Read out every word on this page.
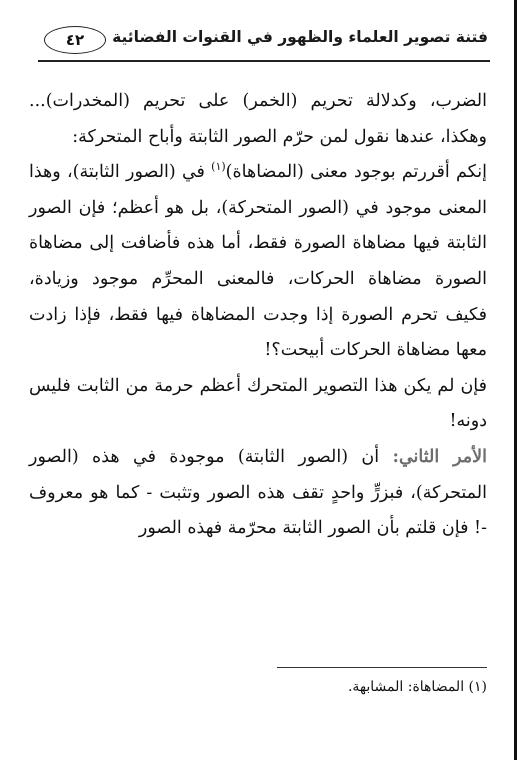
فتنة تصوير العلماء والظهور في القنوات الفضائية
٤٢

الضرب، وكدلالة تحريم (الخمر) على تحريم (المخدرات)... وهكذا، عندها نقول لمن حرّم الصور الثابتة وأباح المتحركة:

إنكم أقررتم بوجود معنى (المضاهاة)$^{(١)}$ في (الصور الثابتة)، وهذا المعنى موجود في (الصور المتحركة)، بل هو أعظم؛ فإن الصور الثابتة فيها مضاهاة الصورة فقط، أما هذه فأضافت إلى مضاهاة الصورة مضاهاة الحركات، فالمعنى المحرِّم موجود وزيادة، فكيف تحرم الصورة إذا وجدت المضاهاة فيها فقط، فإذا زادت معها مضاهاة الحركات أبيحت؟!

فإن لم يكن هذا التصوير المتحرك أعظم حرمة من الثابت فليس دونه!

الأمر الثاني: أن (الصور الثابتة) موجودة في هذه (الصور المتحركة)، فبزرٍّ واحدٍ تقف هذه الصور وتثبت - كما هو معروف -! فإن قلتم بأن الصور الثابتة محرّمة فهذه الصور

(١) المضاهاة: المشابهة.
